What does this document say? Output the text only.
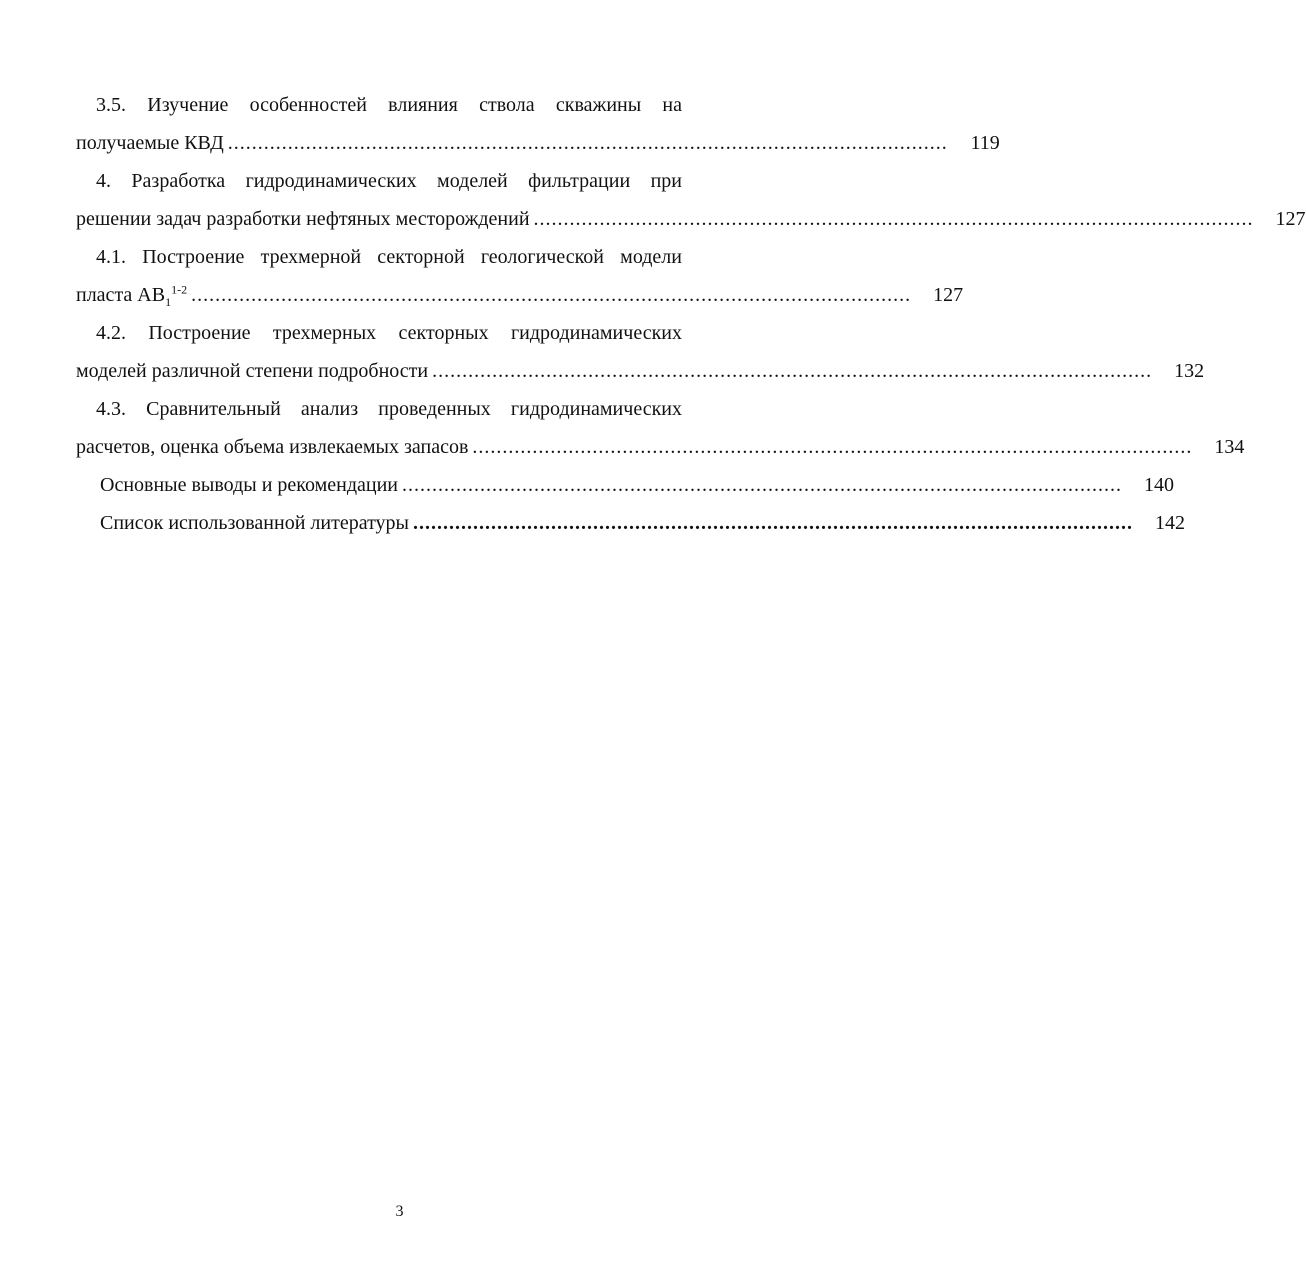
3.5. Изучение особенностей влияния ствола скважины на
получаемые КВД ........................................................................................................................	119
4. Разработка гидродинамических моделей фильтрации при
решении задач разработки нефтяных месторождений ........................................................................................................................	127
4.1. Построение трехмерной секторной геологической модели
пласта $АВ_1^{1-2}$ ........................................................................................................................	127
4.2. Построение трехмерных секторных гидродинамических
моделей различной степени подробности ........................................................................................................................	132
4.3. Сравнительный анализ проведенных гидродинамических
расчетов, оценка объема извлекаемых запасов ........................................................................................................................	134
Основные выводы и рекомендации ........................................................................................................................	140
Список использованной литературы ........................................................................................................................	142
3
